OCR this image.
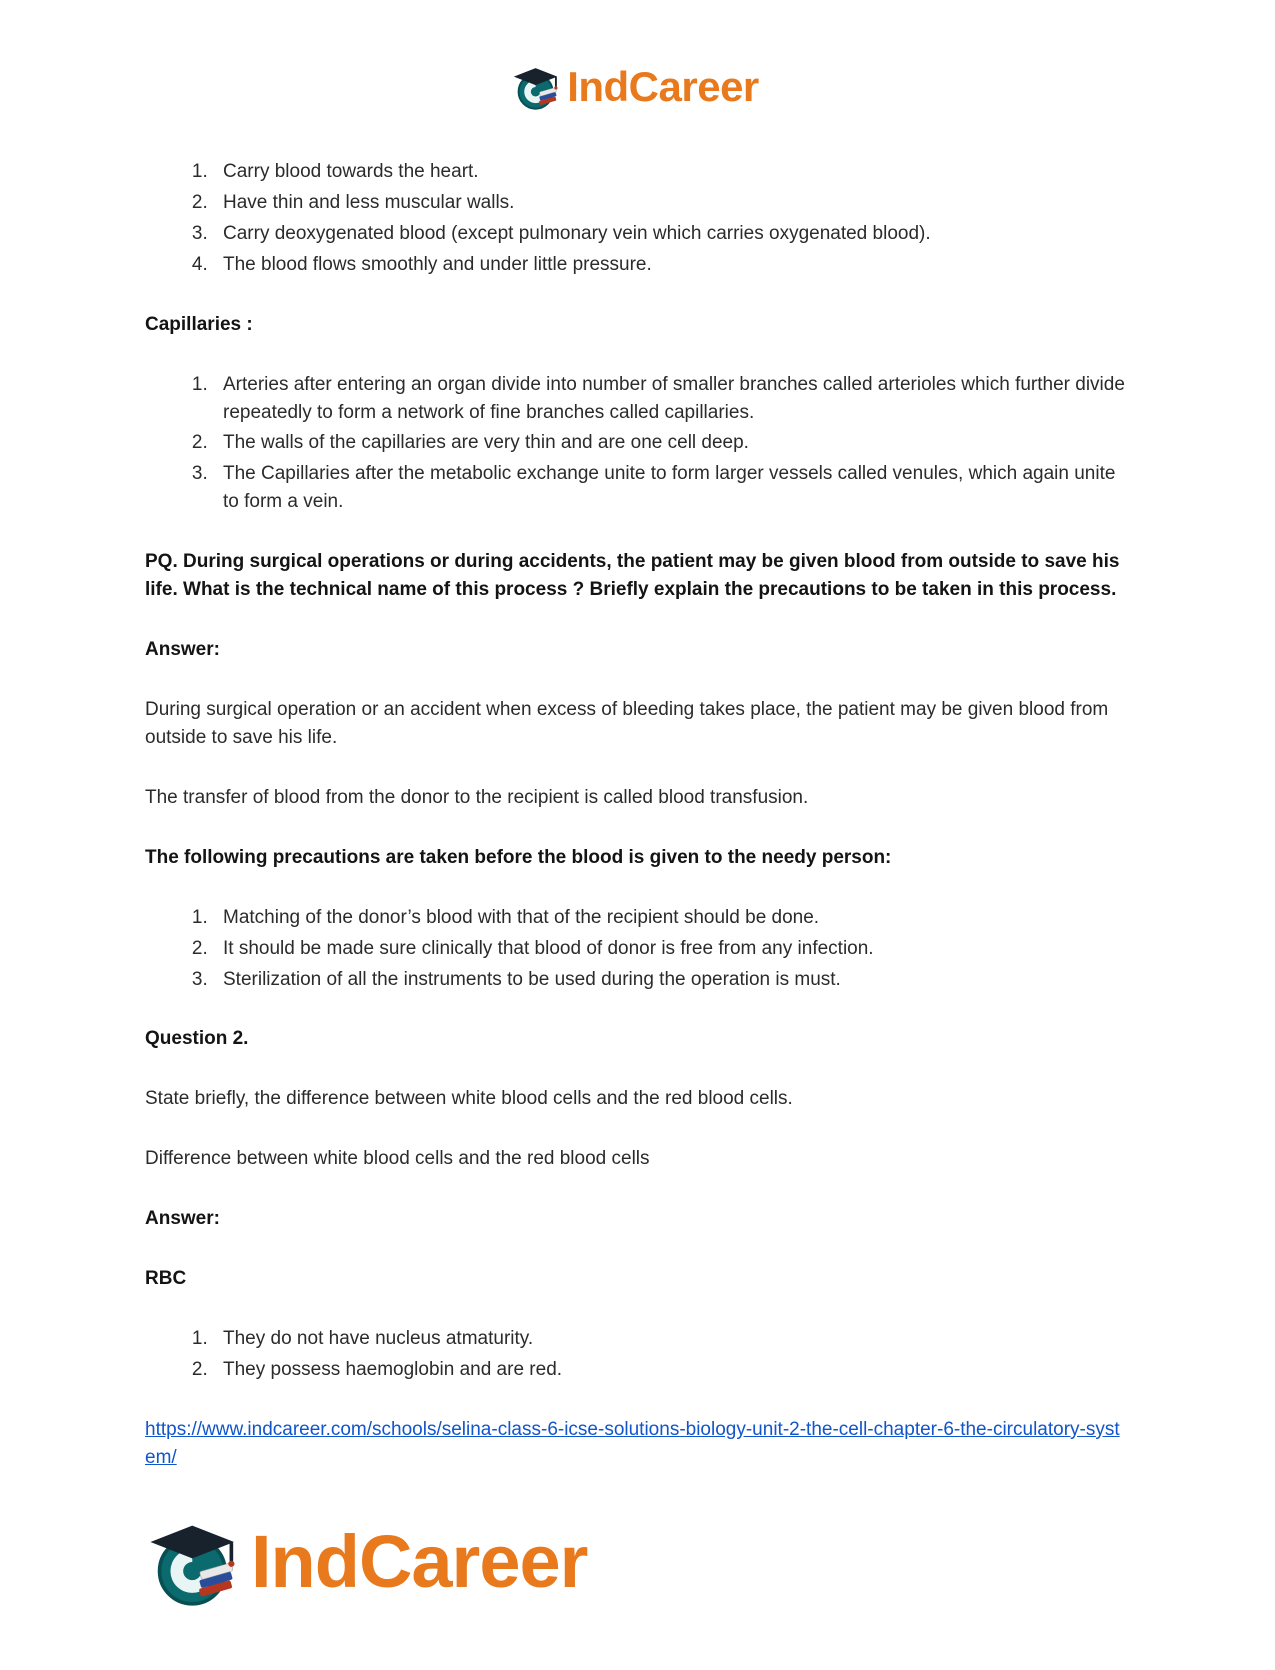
IndCareer
1. Carry blood towards the heart.
2. Have thin and less muscular walls.
3. Carry deoxygenated blood (except pulmonary vein which carries oxygenated blood).
4. The blood flows smoothly and under little pressure.
Capillaries :
1. Arteries after entering an organ divide into number of smaller branches called arterioles which further divide repeatedly to form a network of fine branches called capillaries.
2. The walls of the capillaries are very thin and are one cell deep.
3. The Capillaries after the metabolic exchange unite to form larger vessels called venules, which again unite to form a vein.

PQ. During surgical operations or during accidents, the patient may be given blood from outside to save his life. What is the technical name of this process ? Briefly explain the precautions to be taken in this process.

Answer:

During surgical operation or an accident when excess of bleeding takes place, the patient may be given blood from outside to save his life.

The transfer of blood from the donor to the recipient is called blood transfusion.

The following precautions are taken before the blood is given to the needy person:

1. Matching of the donor’s blood with that of the recipient should be done.
2. It should be made sure clinically that blood of donor is free from any infection.
3. Sterilization of all the instruments to be used during the operation is must.
Question 2.

State briefly, the difference between white blood cells and the red blood cells.

Difference between white blood cells and the red blood cells

Answer:

RBC

1. They do not have nucleus atmaturity.
2. They possess haemoglobin and are red.

https://www.indcareer.com/schools/selina-class-6-icse-solutions-biology-unit-2-the-cell-chapter-6-the-circulatory-system/

IndCareer
